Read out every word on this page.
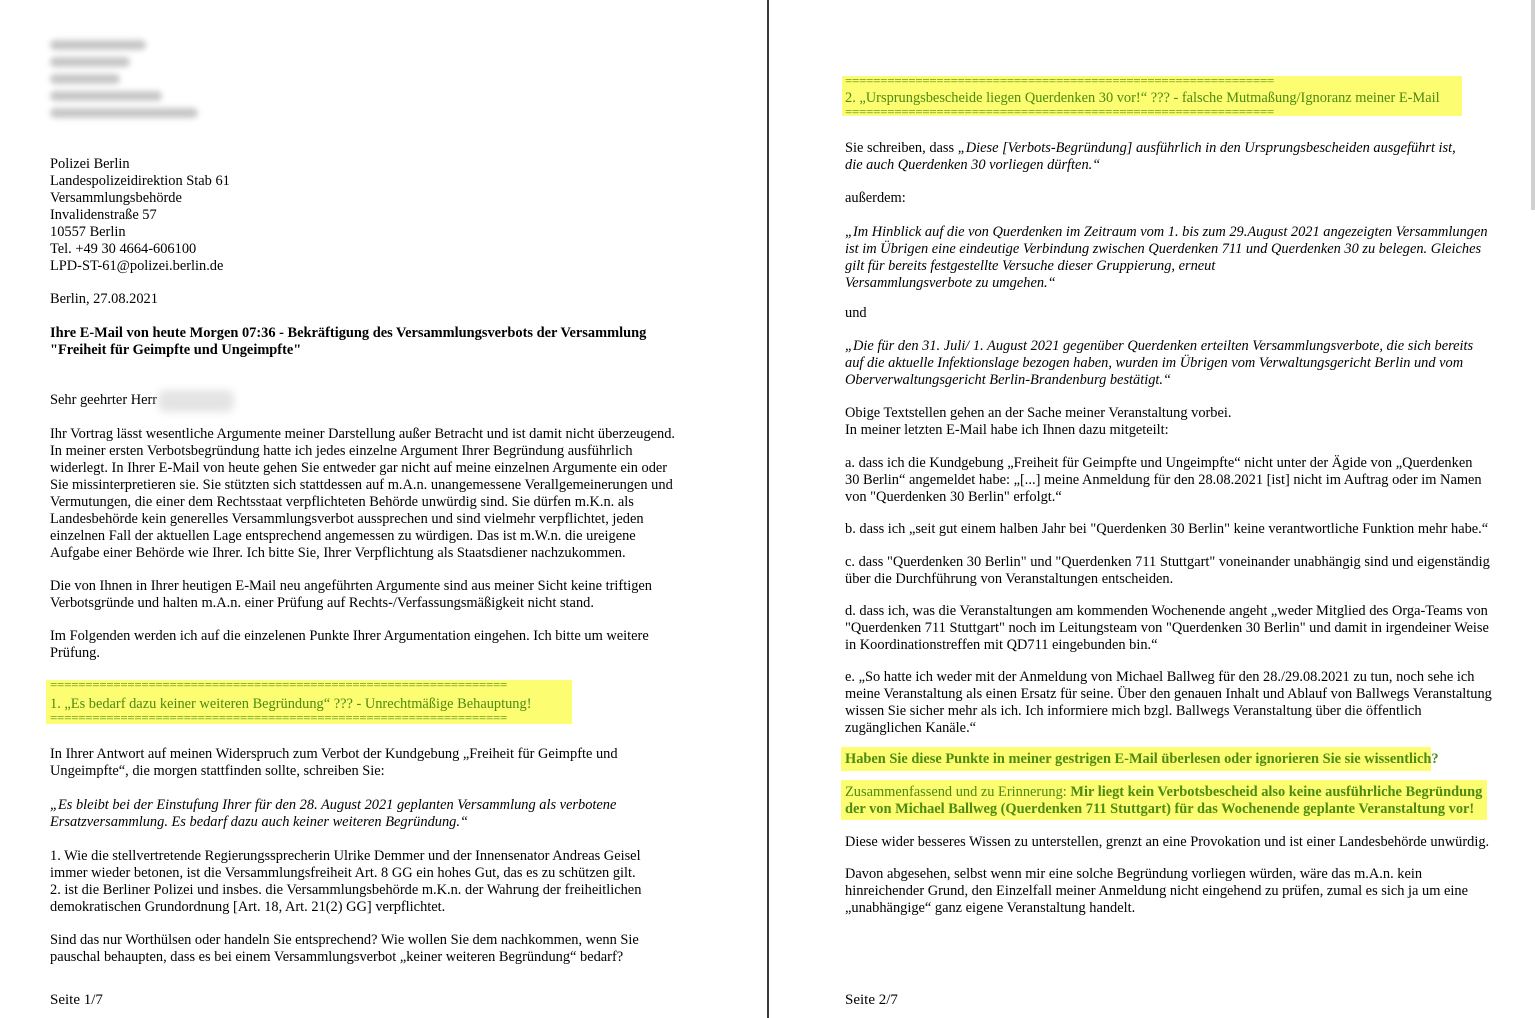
Polizei Berlin

Landespolizeidirektion Stab 61

Versammlungsbehörde

Invalidenstraße 57

10557 Berlin

Tel. +49 30 4664-606100

LPD-ST-61@polizei.berlin.de

Berlin, 27.08.2021

Ihre E-Mail von heute Morgen 07:36 - Bekräftigung des Versammlungsverbots der Versammlung

"Freiheit für Geimpfte und Ungeimpfte"

Sehr geehrter Herr

Ihr Vortrag lässt wesentliche Argumente meiner Darstellung außer Betracht und ist damit nicht überzeugend.

In meiner ersten Verbotsbegründung hatte ich jedes einzelne Argument Ihrer Begründung ausführlich

widerlegt. In Ihrer E-Mail von heute gehen Sie entweder gar nicht auf meine einzelnen Argumente ein oder

Sie missinterpretieren sie. Sie stützten sich stattdessen auf m.A.n. unangemessene Verallgemeinerungen und

Vermutungen, die einer dem Rechtsstaat verpflichteten Behörde unwürdig sind. Sie dürfen m.K.n. als

Landesbehörde kein generelles Versammlungsverbot aussprechen und sind vielmehr verpflichtet, jeden

einzelnen Fall der aktuellen Lage entsprechend angemessen zu würdigen. Das ist m.W.n. die ureigene

Aufgabe einer Behörde wie Ihrer. Ich bitte Sie, Ihrer Verpflichtung als Staatsdiener nachzukommen.

Die von Ihnen in Ihrer heutigen E-Mail neu angeführten Argumente sind aus meiner Sicht keine triftigen

Verbotsgründe und halten m.A.n. einer Prüfung auf Rechts-/Verfassungsmäßigkeit nicht stand.

Im Folgenden werden ich auf die einzelenen Punkte Ihrer Argumentation eingehen. Ich bitte um weitere

Prüfung.

=================================================================

1. „Es bedarf dazu keiner weiteren Begründung“ ??? - Unrechtmäßige Behauptung!

=================================================================

In Ihrer Antwort auf meinen Widerspruch zum Verbot der Kundgebung „Freiheit für Geimpfte und

Ungeimpfte“, die morgen stattfinden sollte, schreiben Sie:

„Es bleibt bei der Einstufung Ihrer für den 28. August 2021 geplanten Versammlung als verbotene

Ersatzversammlung. Es bedarf dazu auch keiner weiteren Begründung.“

1. Wie die stellvertretende Regierungssprecherin Ulrike Demmer und der Innensenator Andreas Geisel

immer wieder betonen, ist die Versammlungsfreiheit Art. 8 GG ein hohes Gut, das es zu schützen gilt.

2. ist die Berliner Polizei und insbes. die Versammlungsbehörde m.K.n. der Wahrung der freiheitlichen

demokratischen Grundordnung [Art. 18, Art. 21(2) GG] verpflichtet.

Sind das nur Worthülsen oder handeln Sie entsprechend? Wie wollen Sie dem nachkommen, wenn Sie

pauschal behaupten, dass es bei einem Versammlungsverbot „keiner weiteren Begründung“ bedarf?

Seite 1/7

=============================================================

2. „Ursprungsbescheide liegen Querdenken 30 vor!“ ??? - falsche Mutmaßung/Ignoranz meiner E-Mail

=============================================================

Sie schreiben, dass „Diese [Verbots-Begründung] ausführlich in den Ursprungsbescheiden ausgeführt ist,

die auch Querdenken 30 vorliegen dürften.“

außerdem:

„Im Hinblick auf die von Querdenken im Zeitraum vom 1. bis zum 29.August 2021 angezeigten Versammlungen

ist im Übrigen eine eindeutige Verbindung zwischen Querdenken 711 und Querdenken 30 zu belegen. Gleiches

gilt für bereits festgestellte Versuche dieser Gruppierung, erneut

Versammlungsverbote zu umgehen.“

und

„Die für den 31. Juli/ 1. August 2021 gegenüber Querdenken erteilten Versammlungsverbote, die sich bereits

auf die aktuelle Infektionslage bezogen haben, wurden im Übrigen vom Verwaltungsgericht Berlin und vom

Oberverwaltungsgericht Berlin-Brandenburg bestätigt.“

Obige Textstellen gehen an der Sache meiner Veranstaltung vorbei.

In meiner letzten E-Mail habe ich Ihnen dazu mitgeteilt:

a. dass ich die Kundgebung „Freiheit für Geimpfte und Ungeimpfte“ nicht unter der Ägide von „Querdenken

30 Berlin“ angemeldet habe: „[...] meine Anmeldung für den 28.08.2021 [ist] nicht im Auftrag oder im Namen

von "Querdenken 30 Berlin" erfolgt.“

b. dass ich „seit gut einem halben Jahr bei "Querdenken 30 Berlin" keine verantwortliche Funktion mehr habe.“

c. dass "Querdenken 30 Berlin" und "Querdenken 711 Stuttgart" voneinander unabhängig sind und eigenständig

über die Durchführung von Veranstaltungen entscheiden.

d. dass ich, was die Veranstaltungen am kommenden Wochenende angeht „weder Mitglied des Orga-Teams von

"Querdenken 711 Stuttgart" noch im Leitungsteam von "Querdenken 30 Berlin" und damit in irgendeiner Weise

in Koordinationstreffen mit QD711 eingebunden bin.“

e. „So hatte ich weder mit der Anmeldung von Michael Ballweg für den 28./29.08.2021 zu tun, noch sehe ich

meine Veranstaltung als einen Ersatz für seine. Über den genauen Inhalt und Ablauf von Ballwegs Veranstaltung

wissen Sie sicher mehr als ich. Ich informiere mich bzgl. Ballwegs Veranstaltung über die öffentlich

zugänglichen Kanäle.“

Haben Sie diese Punkte in meiner gestrigen E-Mail überlesen oder ignorieren Sie sie wissentlich?

Zusammenfassend und zu Erinnerung: Mir liegt kein Verbotsbescheid also keine ausführliche Begründung

der von Michael Ballweg (Querdenken 711 Stuttgart) für das Wochenende geplante Veranstaltung vor!

Diese wider besseres Wissen zu unterstellen, grenzt an eine Provokation und ist einer Landesbehörde unwürdig.

Davon abgesehen, selbst wenn mir eine solche Begründung vorliegen würden, wäre das m.A.n. kein

hinreichender Grund, den Einzelfall meiner Anmeldung nicht eingehend zu prüfen, zumal es sich ja um eine

„unabhängige“ ganz eigene Veranstaltung handelt.

Seite 2/7
